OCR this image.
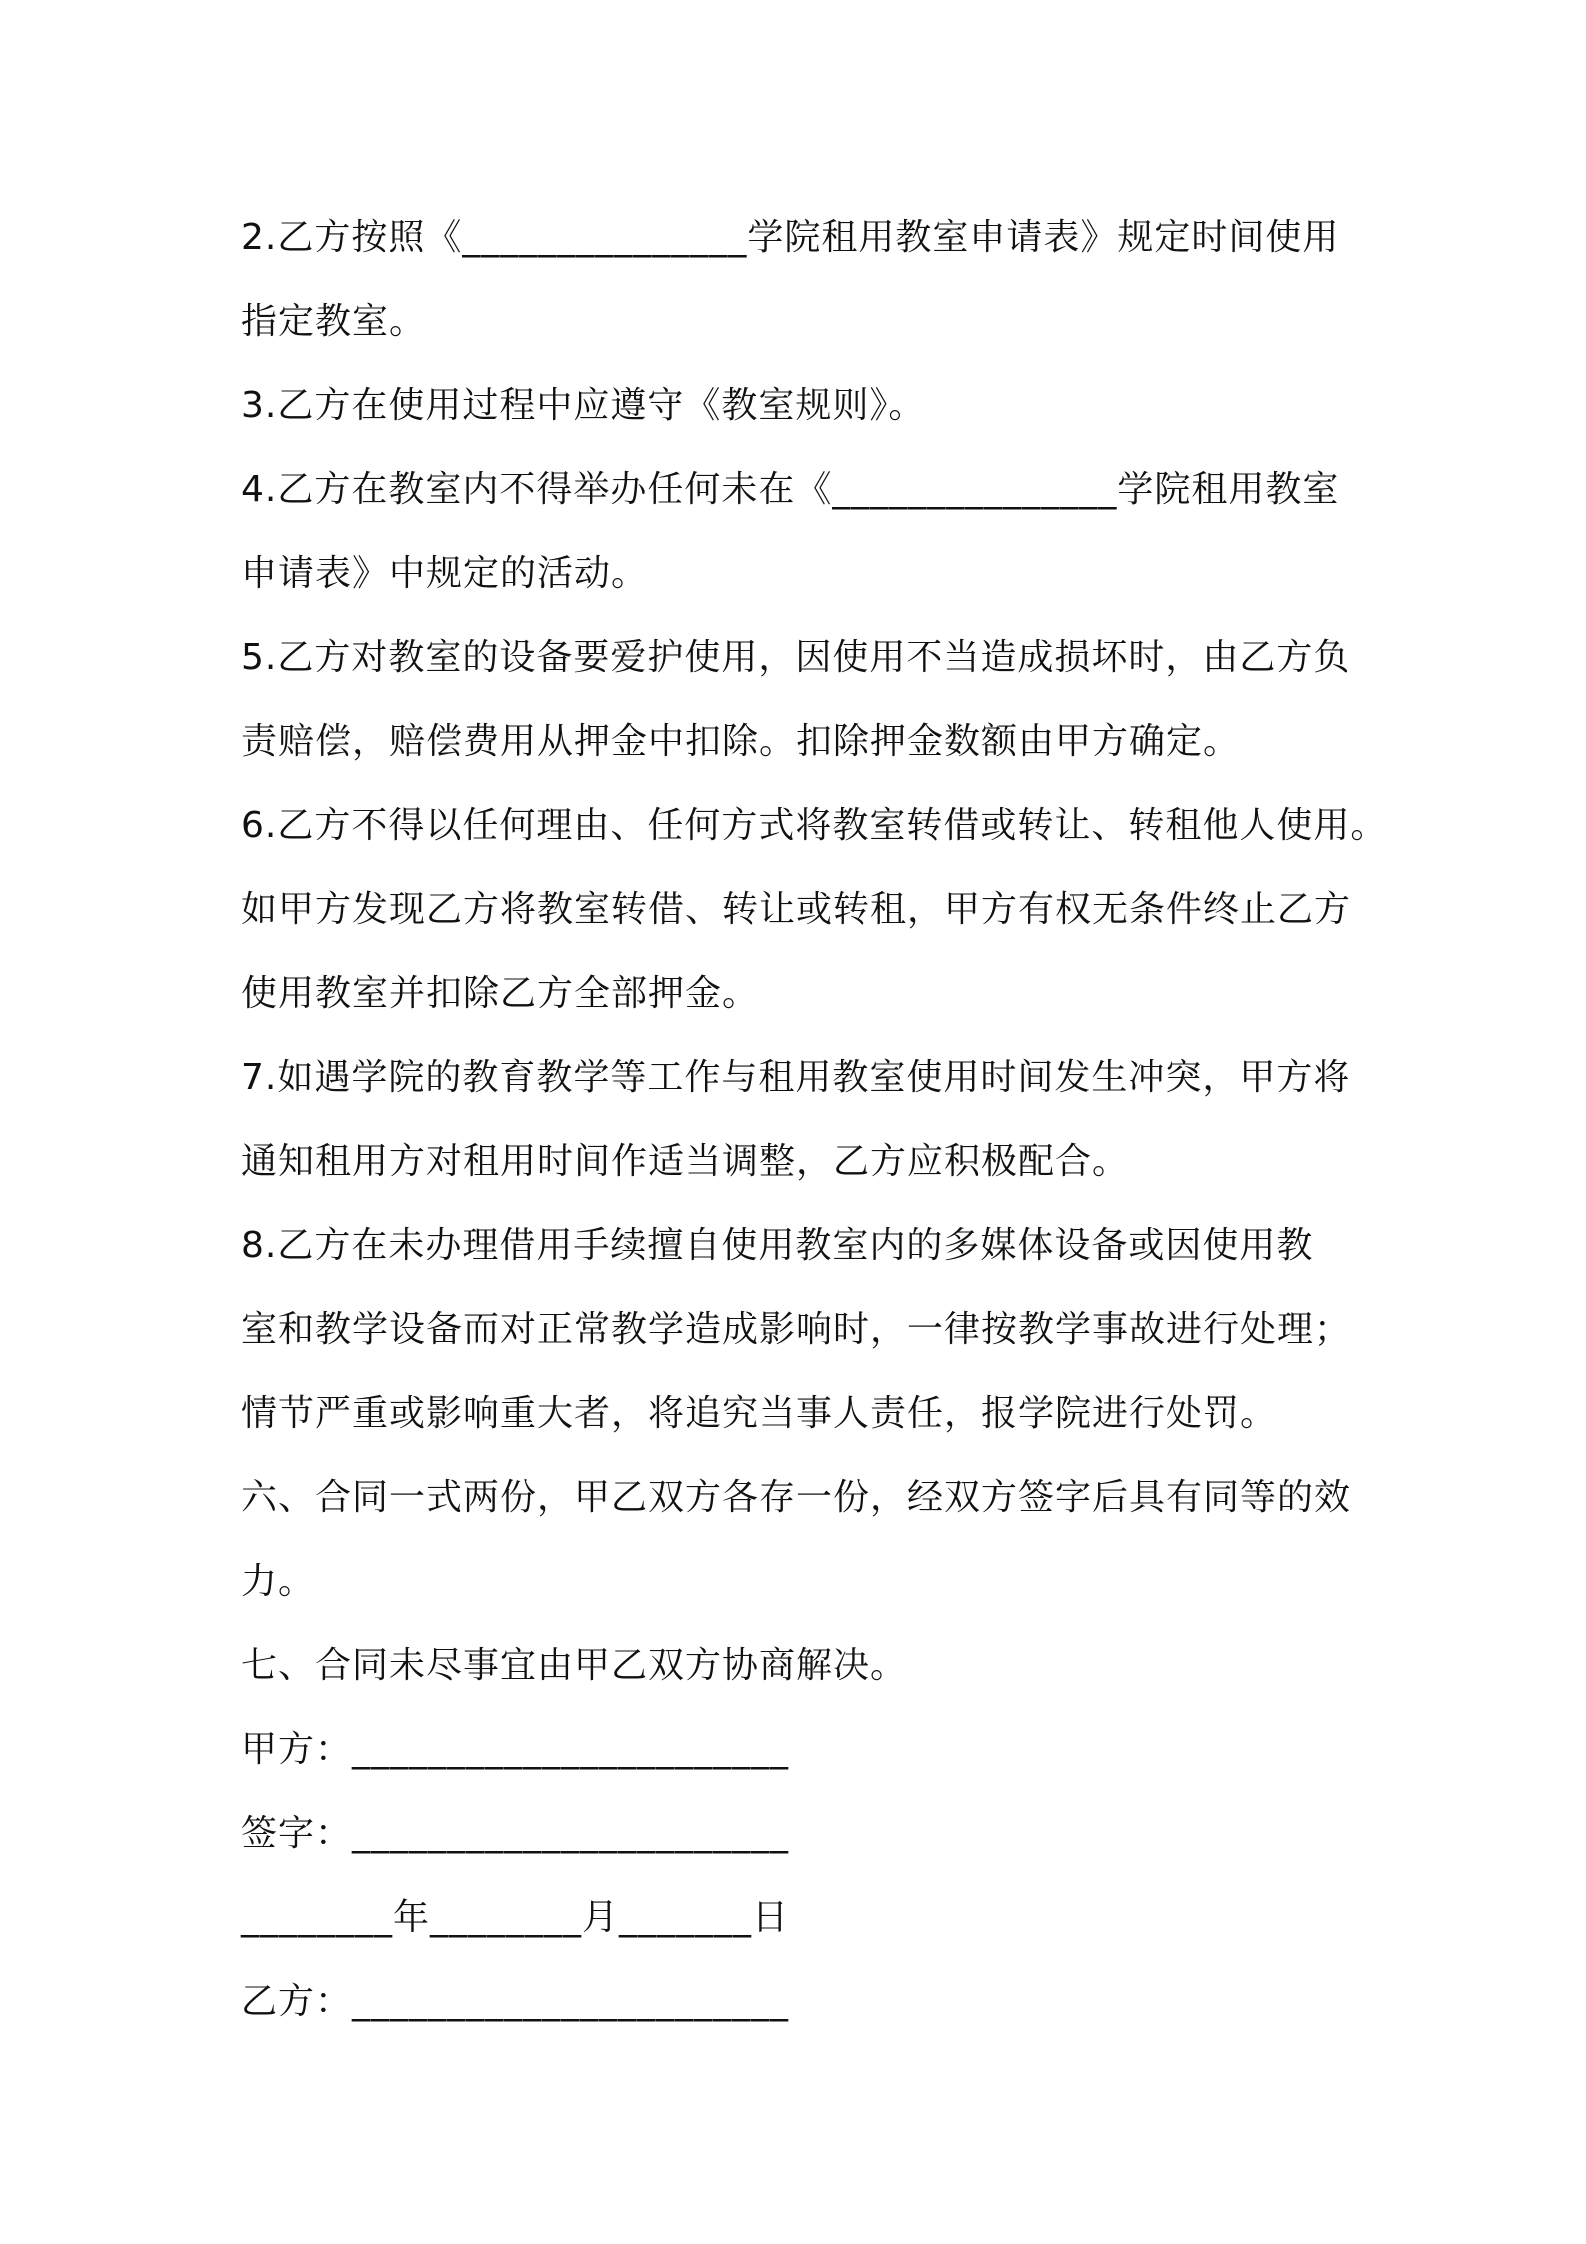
2.乙方按照《_______________学院租用教室申请表》规定时间使用
指定教室。
3.乙方在使用过程中应遵守《教室规则》。
4.乙方在教室内不得举办任何未在《_______________学院租用教室
申请表》中规定的活动。
5.乙方对教室的设备要爱护使用，因使用不当造成损坏时，由乙方负
责赔偿，赔偿费用从押金中扣除。扣除押金数额由甲方确定。
6.乙方不得以任何理由、任何方式将教室转借或转让、转租他人使用。
如甲方发现乙方将教室转借、转让或转租，甲方有权无条件终止乙方
使用教室并扣除乙方全部押金。
7.如遇学院的教育教学等工作与租用教室使用时间发生冲突，甲方将
通知租用方对租用时间作适当调整，乙方应积极配合。
8.乙方在未办理借用手续擅自使用教室内的多媒体设备或因使用教
室和教学设备而对正常教学造成影响时，一律按教学事故进行处理；
情节严重或影响重大者，将追究当事人责任，报学院进行处罚。
六、合同一式两份，甲乙双方各存一份，经双方签字后具有同等的效
力。
七、合同未尽事宜由甲乙双方协商解决。
甲方：_______________________
签字：_______________________
________年________月_______日
乙方：_______________________
